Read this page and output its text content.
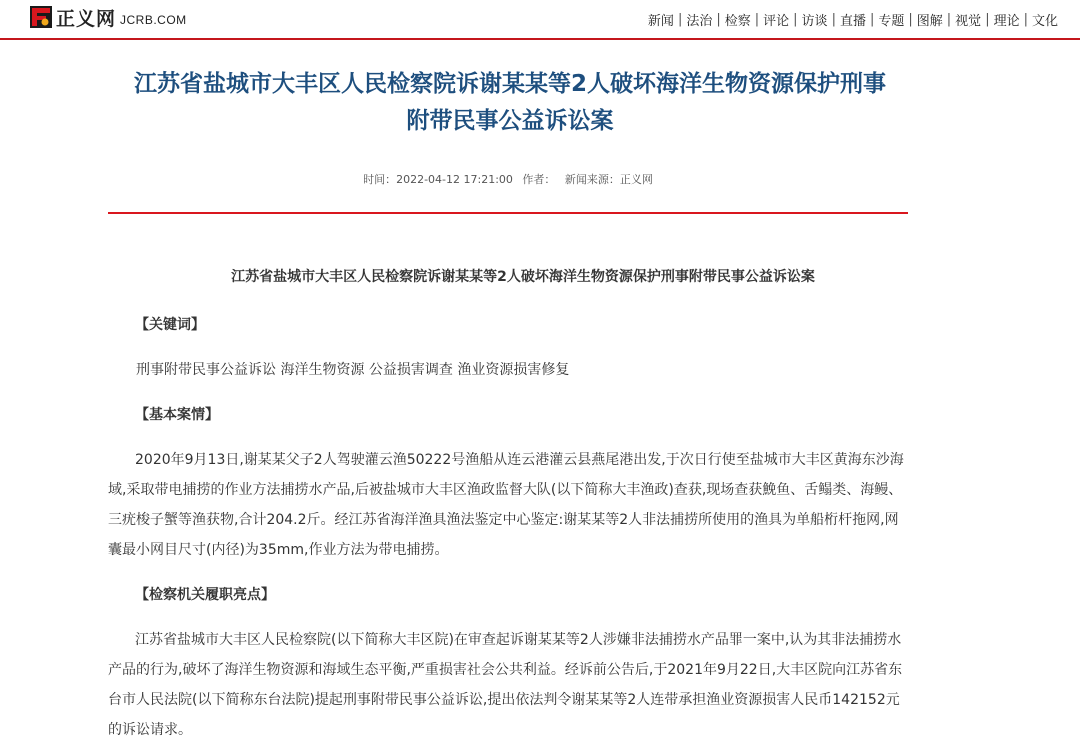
正义网 JCRB.COM	新闻 | 法治 | 检察 | 评论 | 访谈 | 直播 | 专题 | 图解 | 视觉 | 理论 | 文化
江苏省盐城市大丰区人民检察院诉谢某某等2人破坏海洋生物资源保护刑事
附带民事公益诉讼案
时间：2022-04-12 17:21:00 作者： 新闻来源：正义网
江苏省盐城市大丰区人民检察院诉谢某某等2人破坏海洋生物资源保护刑事附带民事公益诉讼案
【关键词】
刑事附带民事公益诉讼 海洋生物资源 公益损害调查 渔业资源损害修复
【基本案情】

2020年9月13日,谢某某父子2人驾驶灌云渔50222号渔船从连云港灌云县燕尾港出发,于次日行使至盐城市大丰区黄海东沙海域,采取带电捕捞的作业方法捕捞水产品,后被盐城市大丰区渔政监督大队(以下简称大丰渔政)查获,现场查获鮸鱼、舌鳎类、海鳗、三疣梭子蟹等渔获物,合计204.2斤。经江苏省海洋渔具渔法鉴定中心鉴定:谢某某等2人非法捕捞所使用的渔具为单船桁杆拖网,网囊最小网目尺寸(内径)为35mm,作业方法为带电捕捞。

【检察机关履职亮点】

江苏省盐城市大丰区人民检察院(以下简称大丰区院)在审查起诉谢某某等2人涉嫌非法捕捞水产品罪一案中,认为其非法捕捞水产品的行为,破坏了海洋生物资源和海域生态平衡,严重损害社会公共利益。经诉前公告后,于2021年9月22日,大丰区院向江苏省东台市人民法院(以下简称东台法院)提起刑事附带民事公益诉讼,提出依法判令谢某某等2人连带承担渔业资源损害人民币142152元的诉讼请求。
